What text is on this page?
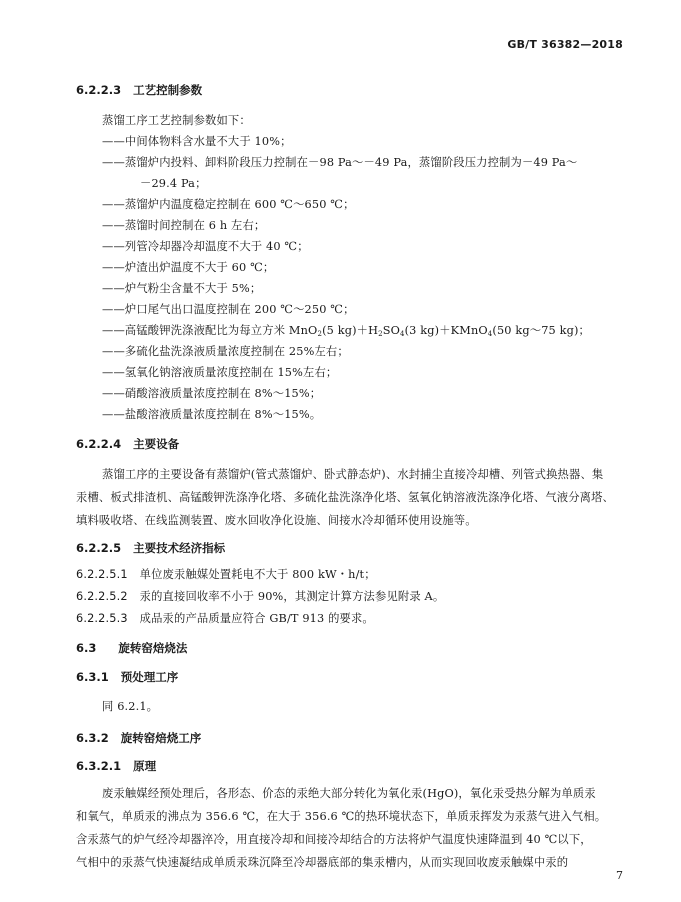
GB/T 36382—2018
6.2.2.3 工艺控制参数
蒸馏工序工艺控制参数如下：
——中间体物料含水量不大于 10%；
——蒸馏炉内投料、卸料阶段压力控制在－98 Pa～－49 Pa，蒸馏阶段压力控制为－49 Pa～
－29.4 Pa；
——蒸馏炉内温度稳定控制在 600 ℃～650 ℃；
——蒸馏时间控制在 6 h 左右；
——列管冷却器冷却温度不大于 40 ℃；
——炉渣出炉温度不大于 60 ℃；
——炉气粉尘含量不大于 5%；
——炉口尾气出口温度控制在 200 ℃～250 ℃；
——高锰酸钾洗涤液配比为每立方米 MnO2(5 kg)＋H2SO4(3 kg)＋KMnO4(50 kg～75 kg)；
——多硫化盐洗涤液质量浓度控制在 25%左右；
——氢氧化钠溶液质量浓度控制在 15%左右；
——硝酸溶液质量浓度控制在 8%～15%；
——盐酸溶液质量浓度控制在 8%～15%。
6.2.2.4 主要设备
蒸馏工序的主要设备有蒸馏炉(管式蒸馏炉、卧式静态炉)、水封捕尘直接冷却槽、列管式换热器、集
汞槽、板式排渣机、高锰酸钾洗涤净化塔、多硫化盐洗涤净化塔、氢氧化钠溶液洗涤净化塔、气液分离塔、
填料吸收塔、在线监测装置、废水回收净化设施、间接水冷却循环使用设施等。
6.2.2.5 主要技术经济指标
6.2.2.5.1 单位废汞触媒处置耗电不大于 800 kW・h/t；
6.2.2.5.2 汞的直接回收率不小于 90%，其测定计算方法参见附录 A。
6.2.2.5.3 成品汞的产品质量应符合 GB/T 913 的要求。
6.3 旋转窑焙烧法
6.3.1 预处理工序
同 6.2.1。
6.3.2 旋转窑焙烧工序
6.3.2.1 原理
废汞触媒经预处理后，各形态、价态的汞绝大部分转化为氧化汞(HgO)，氧化汞受热分解为单质汞
和氧气，单质汞的沸点为 356.6 ℃，在大于 356.6 ℃的热环境状态下，单质汞挥发为汞蒸气进入气相。
含汞蒸气的炉气经冷却器淬冷，用直接冷却和间接冷却结合的方法将炉气温度快速降温到 40 ℃以下，
气相中的汞蒸气快速凝结成单质汞珠沉降至冷却器底部的集汞槽内，从而实现回收废汞触媒中汞的
7
